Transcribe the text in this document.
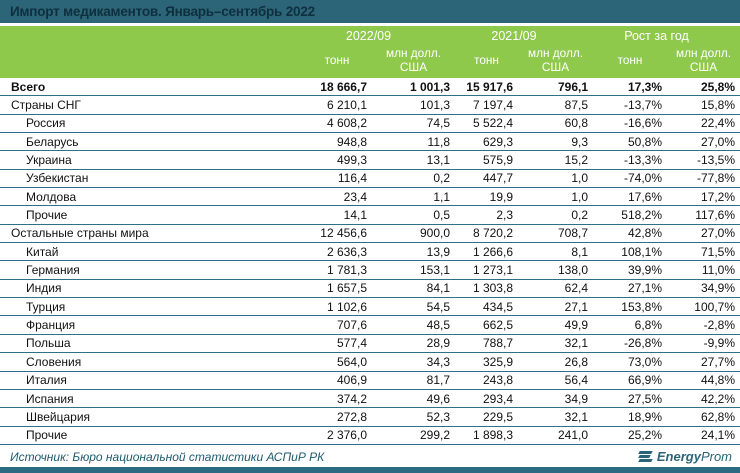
Импорт медикаментов. Январь–сентябрь 2022
2022/09	2021/09	Рост за год
тонн	млн долл. США	тонн	млн долл. США	тонн	млн долл. США
Всего	18 666,7	1 001,3	15 917,6	796,1	17,3%	25,8%
Страны СНГ	6 210,1	101,3	7 197,4	87,5	-13,7%	15,8%
Россия	4 608,2	74,5	5 522,4	60,8	-16,6%	22,4%
Беларусь	948,8	11,8	629,3	9,3	50,8%	27,0%
Украина	499,3	13,1	575,9	15,2	-13,3%	-13,5%
Узбекистан	116,4	0,2	447,7	1,0	-74,0%	-77,8%
Молдова	23,4	1,1	19,9	1,0	17,6%	17,2%
Прочие	14,1	0,5	2,3	0,2	518,2%	117,6%
Остальные страны мира	12 456,6	900,0	8 720,2	708,7	42,8%	27,0%
Китай	2 636,3	13,9	1 266,6	8,1	108,1%	71,5%
Германия	1 781,3	153,1	1 273,1	138,0	39,9%	11,0%
Индия	1 657,5	84,1	1 303,8	62,4	27,1%	34,9%
Турция	1 102,6	54,5	434,5	27,1	153,8%	100,7%
Франция	707,6	48,5	662,5	49,9	6,8%	-2,8%
Польша	577,4	28,9	788,7	32,1	-26,8%	-9,9%
Словения	564,0	34,3	325,9	26,8	73,0%	27,7%
Италия	406,9	81,7	243,8	56,4	66,9%	44,8%
Испания	374,2	49,6	293,4	34,9	27,5%	42,2%
Швейцария	272,8	52,3	229,5	32,1	18,9%	62,8%
Прочие	2 376,0	299,2	1 898,3	241,0	25,2%	24,1%
Источник: Бюро национальной статистики АСПиР РК	EnergyProm
